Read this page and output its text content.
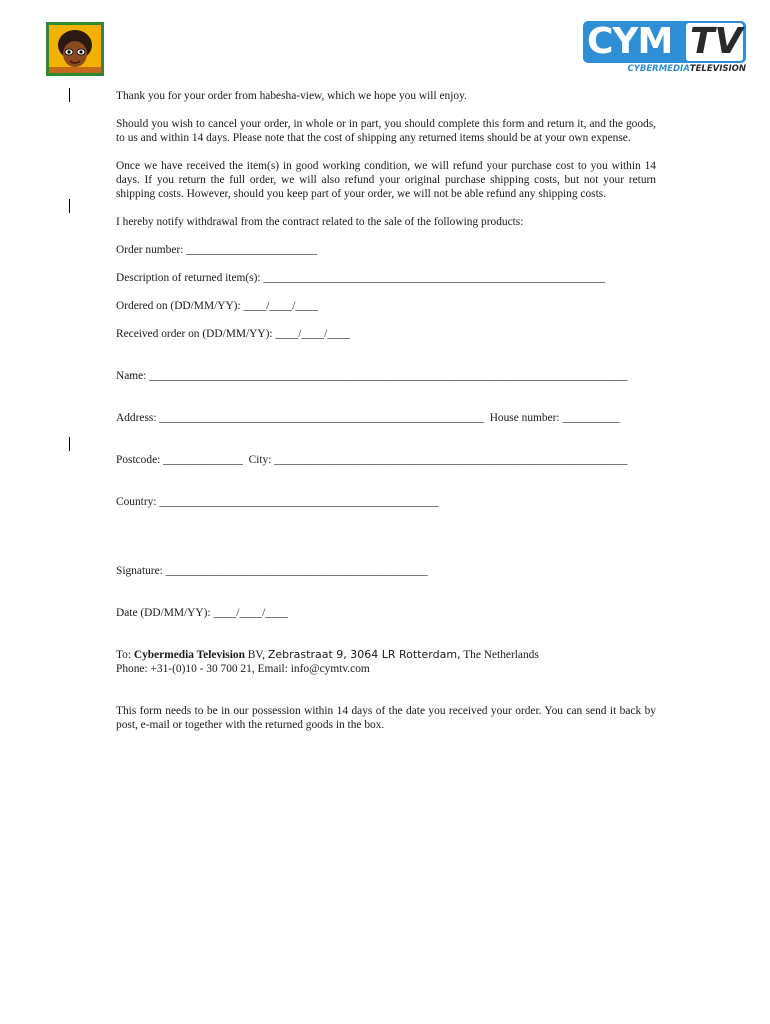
CYM TV
CYBERMEDIATELEVISION

Thank you for your order from habesha-view, which we hope you will enjoy.

Should you wish to cancel your order, in whole or in part, you should complete this form and return it, and the goods, to us and within 14 days. Please note that the cost of shipping any returned items should be at your own expense.

Once we have received the item(s) in good working condition, we will refund your purchase cost to you within 14 days. If you return the full order, we will also refund your original purchase shipping costs, but not your return shipping costs. However, should you keep part of your order, we will not be able refund any shipping costs.

I hereby notify withdrawal from the contract related to the sale of the following products:

Order number: _______________________

Description of returned item(s): ____________________________________________________________

Ordered on (DD/MM/YY): ____/____/____

Received order on (DD/MM/YY): ____/____/____

Name: ____________________________________________________________________________________

Address: _________________________________________________________ House number: __________

Postcode: ______________ City: ______________________________________________________________

Country: _________________________________________________

Signature: ______________________________________________

Date (DD/MM/YY): ____/____/____

To: Cybermedia Television BV, Zebrastraat 9, 3064 LR Rotterdam, The Netherlands

Phone: +31-(0)10 - 30 700 21, Email: info@cymtv.com

This form needs to be in our possession within 14 days of the date you received your order. You can send it back by post, e-mail or together with the returned goods in the box.
